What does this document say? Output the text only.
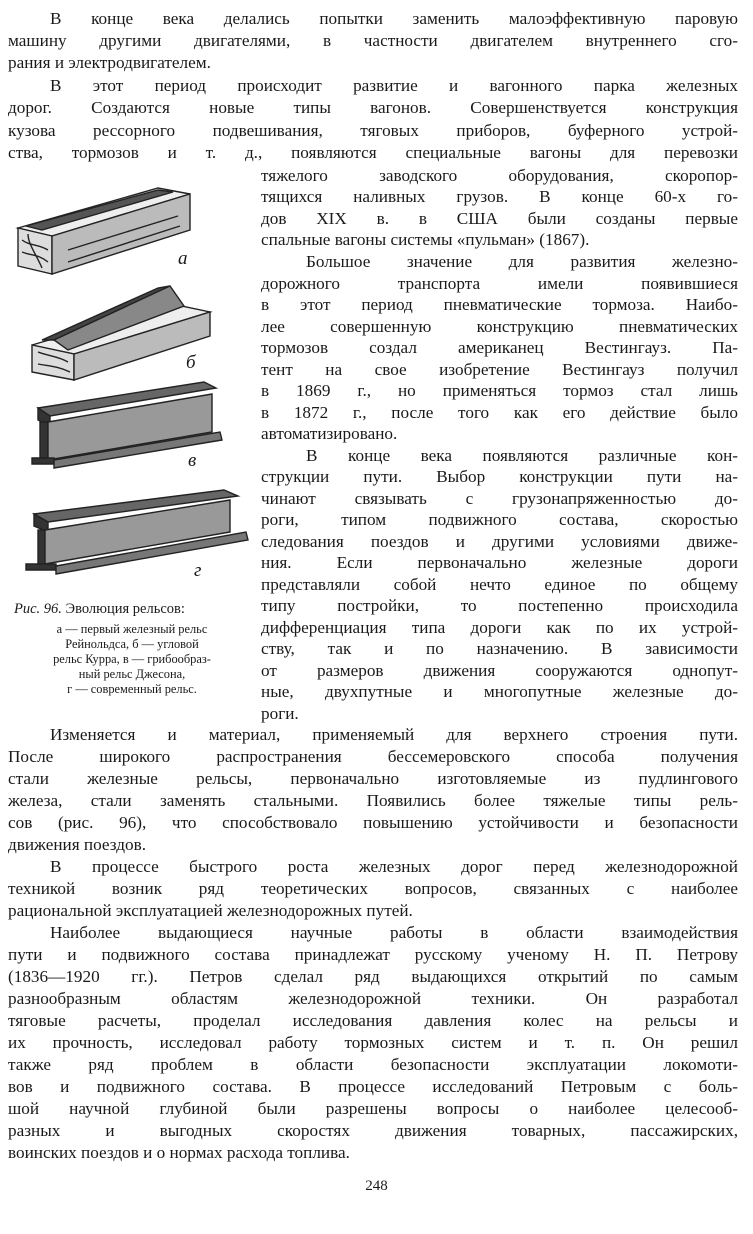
В конце века делались попытки заменить малоэффективную паровую
машину другими двигателями, в частности двигателем внутреннего сго-
рания и электродвигателем.
В этот период происходит развитие и вагонного парка железных
дорог. Создаются новые типы вагонов. Совершенствуется конструкция
кузова рессорного подвешивания, тяговых приборов, буферного устрой-
ства, тормозов и т. д., появляются специальные вагоны для перевозки
а
б
в
г
Рис. 96. Эволюция рельсов:
а — первый железный рельс
Рейнольдса, б — угловой
рельс Курра, в — грибообраз-
ный рельс Джесона,
г — современный рельс.
тяжелого заводского оборудования, скоропор-
тящихся наливных грузов. В конце 60-х го-
дов XIX в. в США были созданы первые
спальные вагоны системы «пульман» (1867).
Большое значение для развития железно-
дорожного транспорта имели появившиеся
в этот период пневматические тормоза. Наибо-
лее совершенную конструкцию пневматических
тормозов создал американец Вестингауз. Па-
тент на свое изобретение Вестингауз получил
в 1869 г., но применяться тормоз стал лишь
в 1872 г., после того как его действие было
автоматизировано.
В конце века появляются различные кон-
струкции пути. Выбор конструкции пути на-
чинают связывать с грузонапряженностью до-
роги, типом подвижного состава, скоростью
следования поездов и другими условиями движе-
ния. Если первоначально железные дороги
представляли собой нечто единое по общему
типу постройки, то постепенно происходила
дифференциация типа дороги как по их устрой-
ству, так и по назначению. В зависимости
от размеров движения сооружаются однопут-
ные, двухпутные и многопутные железные до-
роги.
Изменяется и материал, применяемый для верхнего строения пути.
После широкого распространения бессемеровского способа получения
стали железные рельсы, первоначально изготовляемые из пудлингового
железа, стали заменять стальными. Появились более тяжелые типы рель-
сов (рис. 96), что способствовало повышению устойчивости и безопасности
движения поездов.
В процессе быстрого роста железных дорог перед железнодорожной
техникой возник ряд теоретических вопросов, связанных с наиболее
рациональной эксплуатацией железнодорожных путей.
Наиболее выдающиеся научные работы в области взаимодействия
пути и подвижного состава принадлежат русскому ученому Н. П. Петрову
(1836—1920 гг.). Петров сделал ряд выдающихся открытий по самым
разнообразным областям железнодорожной техники. Он разработал
тяговые расчеты, проделал исследования давления колес на рельсы и
их прочность, исследовал работу тормозных систем и т. п. Он решил
также ряд проблем в области безопасности эксплуатации локомоти-
вов и подвижного состава. В процессе исследований Петровым с боль-
шой научной глубиной были разрешены вопросы о наиболее целесооб-
разных и выгодных скоростях движения товарных, пассажирских,
воинских поездов и о нормах расхода топлива.
248
